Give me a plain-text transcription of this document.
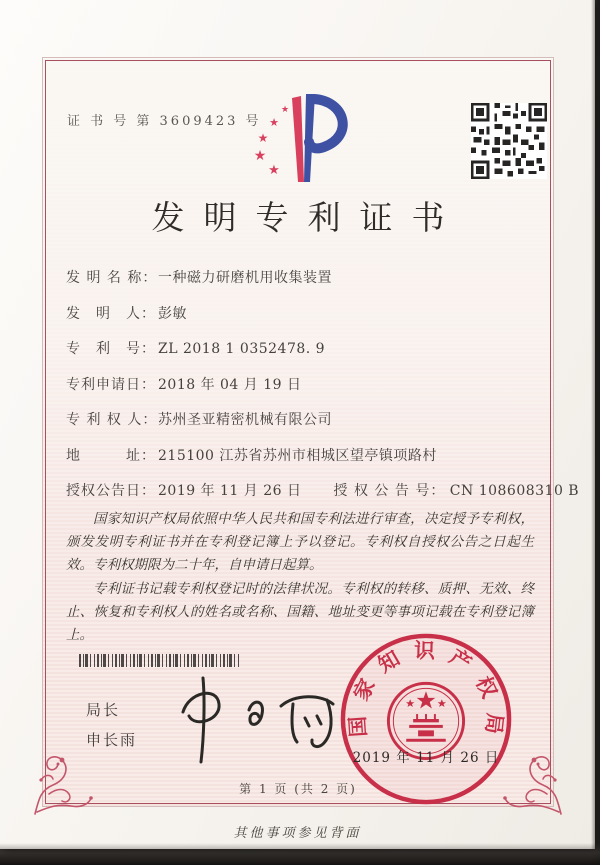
证 书 号 第 3609423 号
★
★
★
★
★
发明专利证书
发 明 名 称： 一种磁力研磨机用收集装置
发　明　人： 彭敏
专　利　号： ZL 2018 1 0352478. 9
专利申请日： 2018 年 04 月 19 日
专 利 权 人： 苏州圣亚精密机械有限公司
地　　　址： 215100 江苏省苏州市相城区望亭镇项路村
授权公告日： 2019 年 11 月 26 日 授 权 公 告 号： CN 108608310 B

国家知识产权局依照中华人民共和国专利法进行审查，决定授予专利权，颁发发明专利证书并在专利登记簿上予以登记。专利权自授权公告之日起生效。专利权期限为二十年，自申请日起算。

专利证书记载专利权登记时的法律状况。专利权的转移、质押、无效、终止、恢复和专利权人的姓名或名称、国籍、地址变更等事项记载在专利登记簿上。

局长
申长雨
国家知识产权局
2019 年 11 月 26 日
第 1 页 (共 2 页)
其他事项参见背面
